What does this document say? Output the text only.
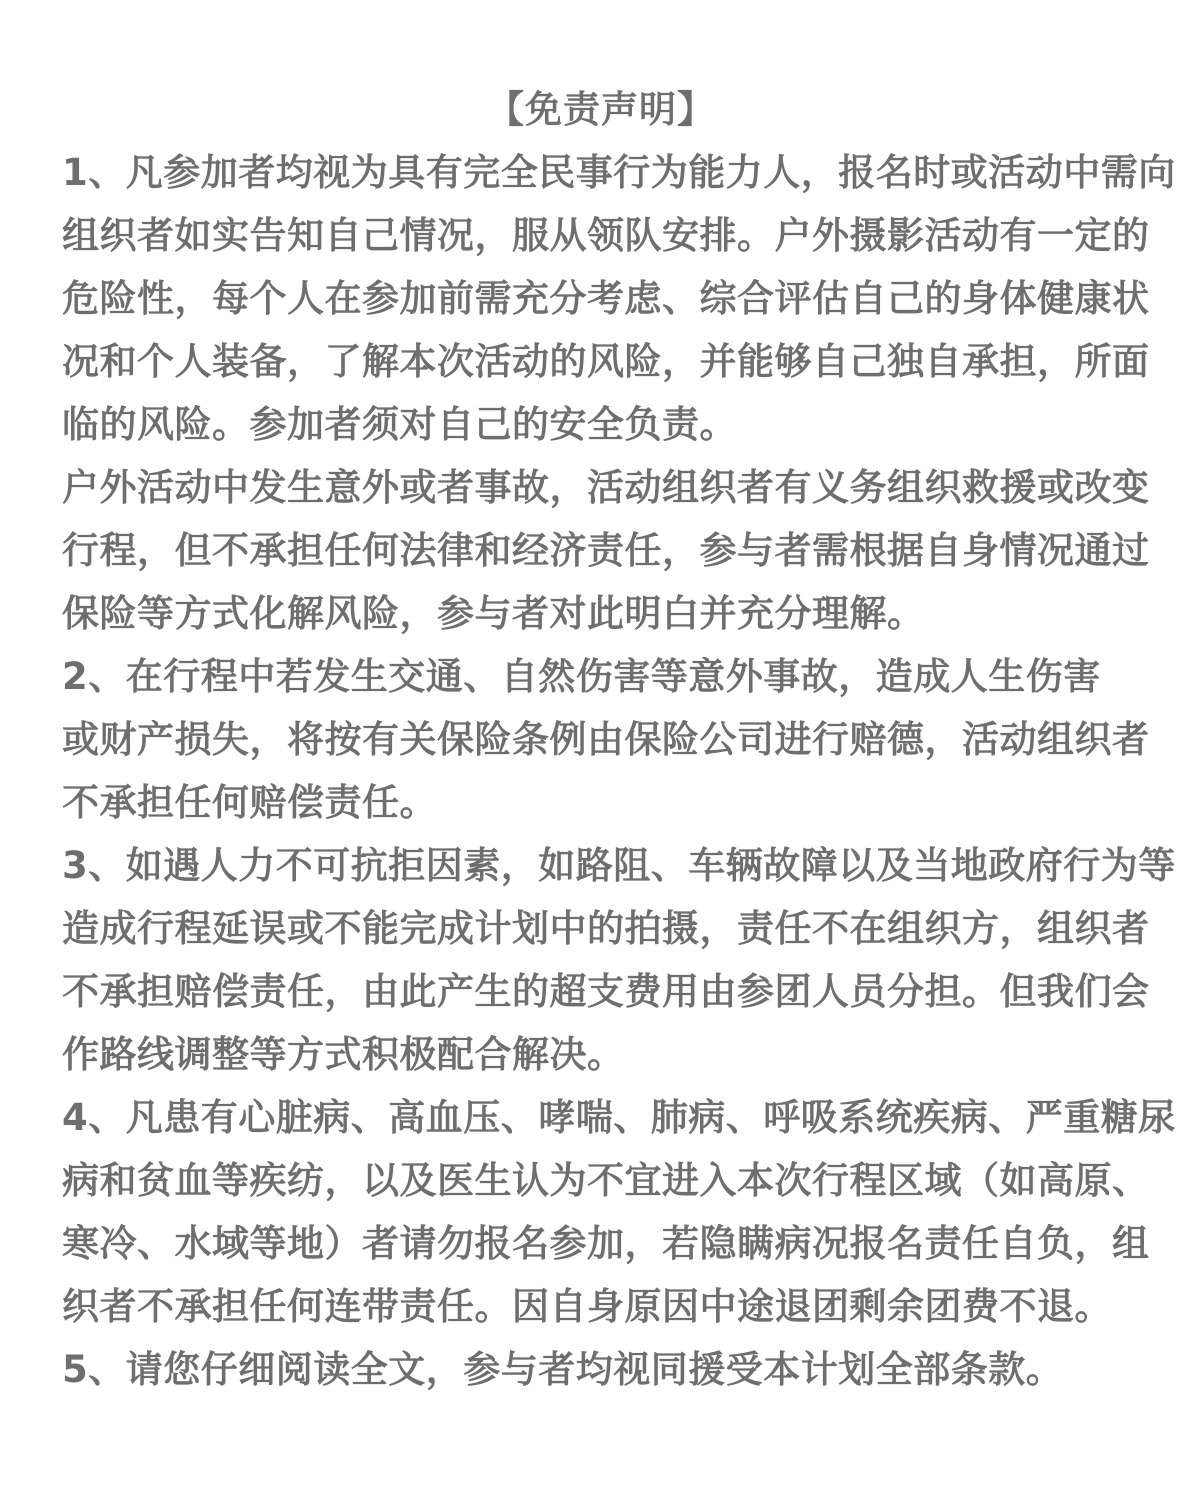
【免责声明】
1、凡参加者均视为具有完全民事行为能力人，报名时或活动中需向
组织者如实告知自己情况，服从领队安排。户外摄影活动有一定的
危险性，每个人在参加前需充分考虑、综合评估自己的身体健康状
况和个人装备，了解本次活动的风险，并能够自己独自承担，所面
临的风险。参加者须对自己的安全负责。
户外活动中发生意外或者事故，活动组织者有义务组织救援或改变
行程，但不承担任何法律和经济责任，参与者需根据自身情况通过
保险等方式化解风险，参与者对此明白并充分理解。
2、在行程中若发生交通、自然伤害等意外事故，造成人生伤害
或财产损失，将按有关保险条例由保险公司进行赔德，活动组织者
不承担任何赔偿责任。
3、如遇人力不可抗拒因素，如路阻、车辆故障以及当地政府行为等
造成行程延误或不能完成计划中的拍摄，责任不在组织方，组织者
不承担赔偿责任，由此产生的超支费用由参团人员分担。但我们会
作路线调整等方式积极配合解决。
4、凡患有心脏病、高血压、哮喘、肺病、呼吸系统疾病、严重糖尿
病和贫血等疾纺，以及医生认为不宜进入本次行程区域（如高原、
寒冷、水域等地）者请勿报名参加，若隐瞒病况报名责任自负，组
织者不承担任何连带责任。因自身原因中途退团剩余团费不退。
5、请您仔细阅读全文，参与者均视同援受本计划全部条款。
